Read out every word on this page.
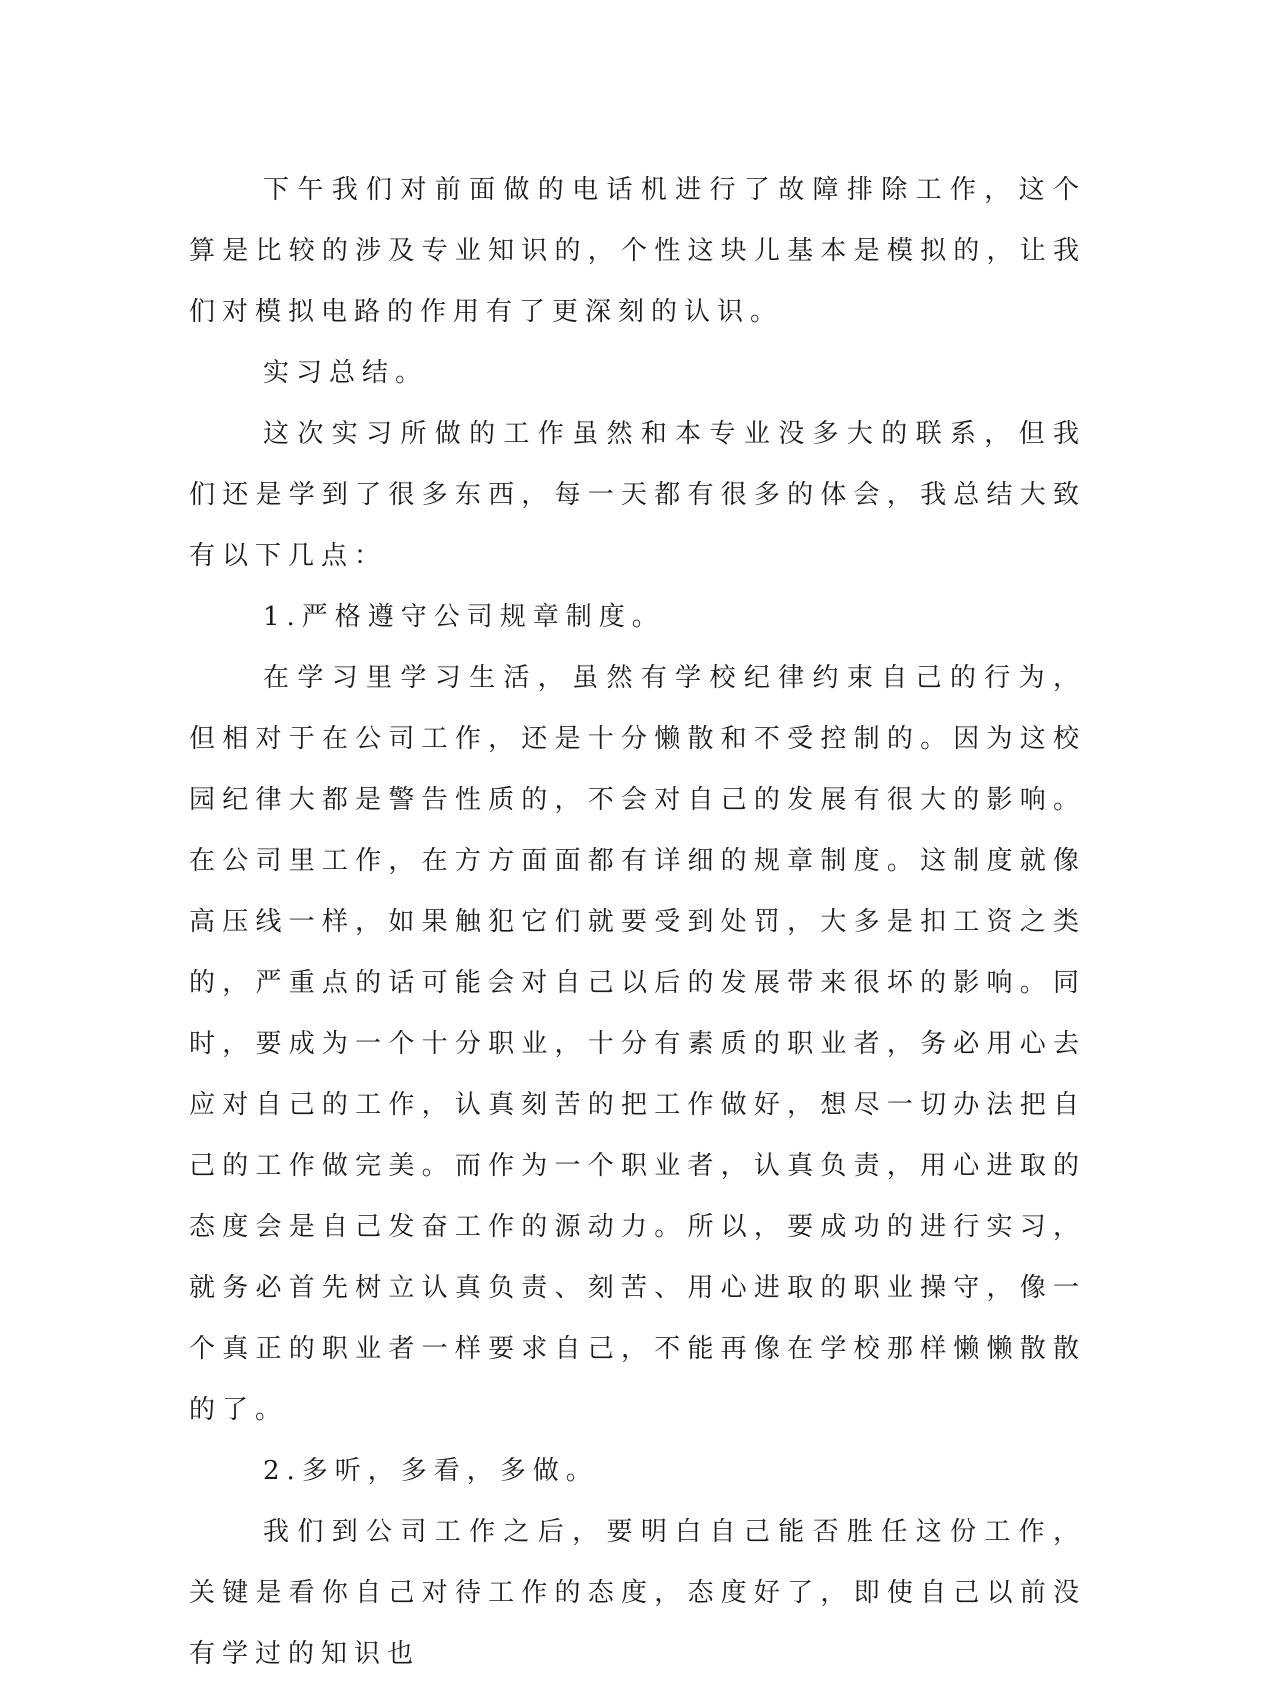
下午我们对前面做的电话机进行了故障排除工作，这个算是比较的涉及专业知识的，个性这块儿基本是模拟的，让我们对模拟电路的作用有了更深刻的认识。

实习总结。

这次实习所做的工作虽然和本专业没多大的联系，但我们还是学到了很多东西，每一天都有很多的体会，我总结大致有以下几点：

1.严格遵守公司规章制度。

在学习里学习生活，虽然有学校纪律约束自己的行为，但相对于在公司工作，还是十分懒散和不受控制的。因为这校园纪律大都是警告性质的，不会对自己的发展有很大的影响。在公司里工作，在方方面面都有详细的规章制度。这制度就像高压线一样，如果触犯它们就要受到处罚，大多是扣工资之类的，严重点的话可能会对自己以后的发展带来很坏的影响。同时，要成为一个十分职业，十分有素质的职业者，务必用心去应对自己的工作，认真刻苦的把工作做好，想尽一切办法把自己的工作做完美。而作为一个职业者，认真负责，用心进取的态度会是自己发奋工作的源动力。所以，要成功的进行实习，就务必首先树立认真负责、刻苦、用心进取的职业操守，像一个真正的职业者一样要求自己，不能再像在学校那样懒懒散散的了。

2.多听，多看，多做。

我们到公司工作之后，要明白自己能否胜任这份工作，关键是看你自己对待工作的态度，态度好了，即使自己以前没有学过的知识也
